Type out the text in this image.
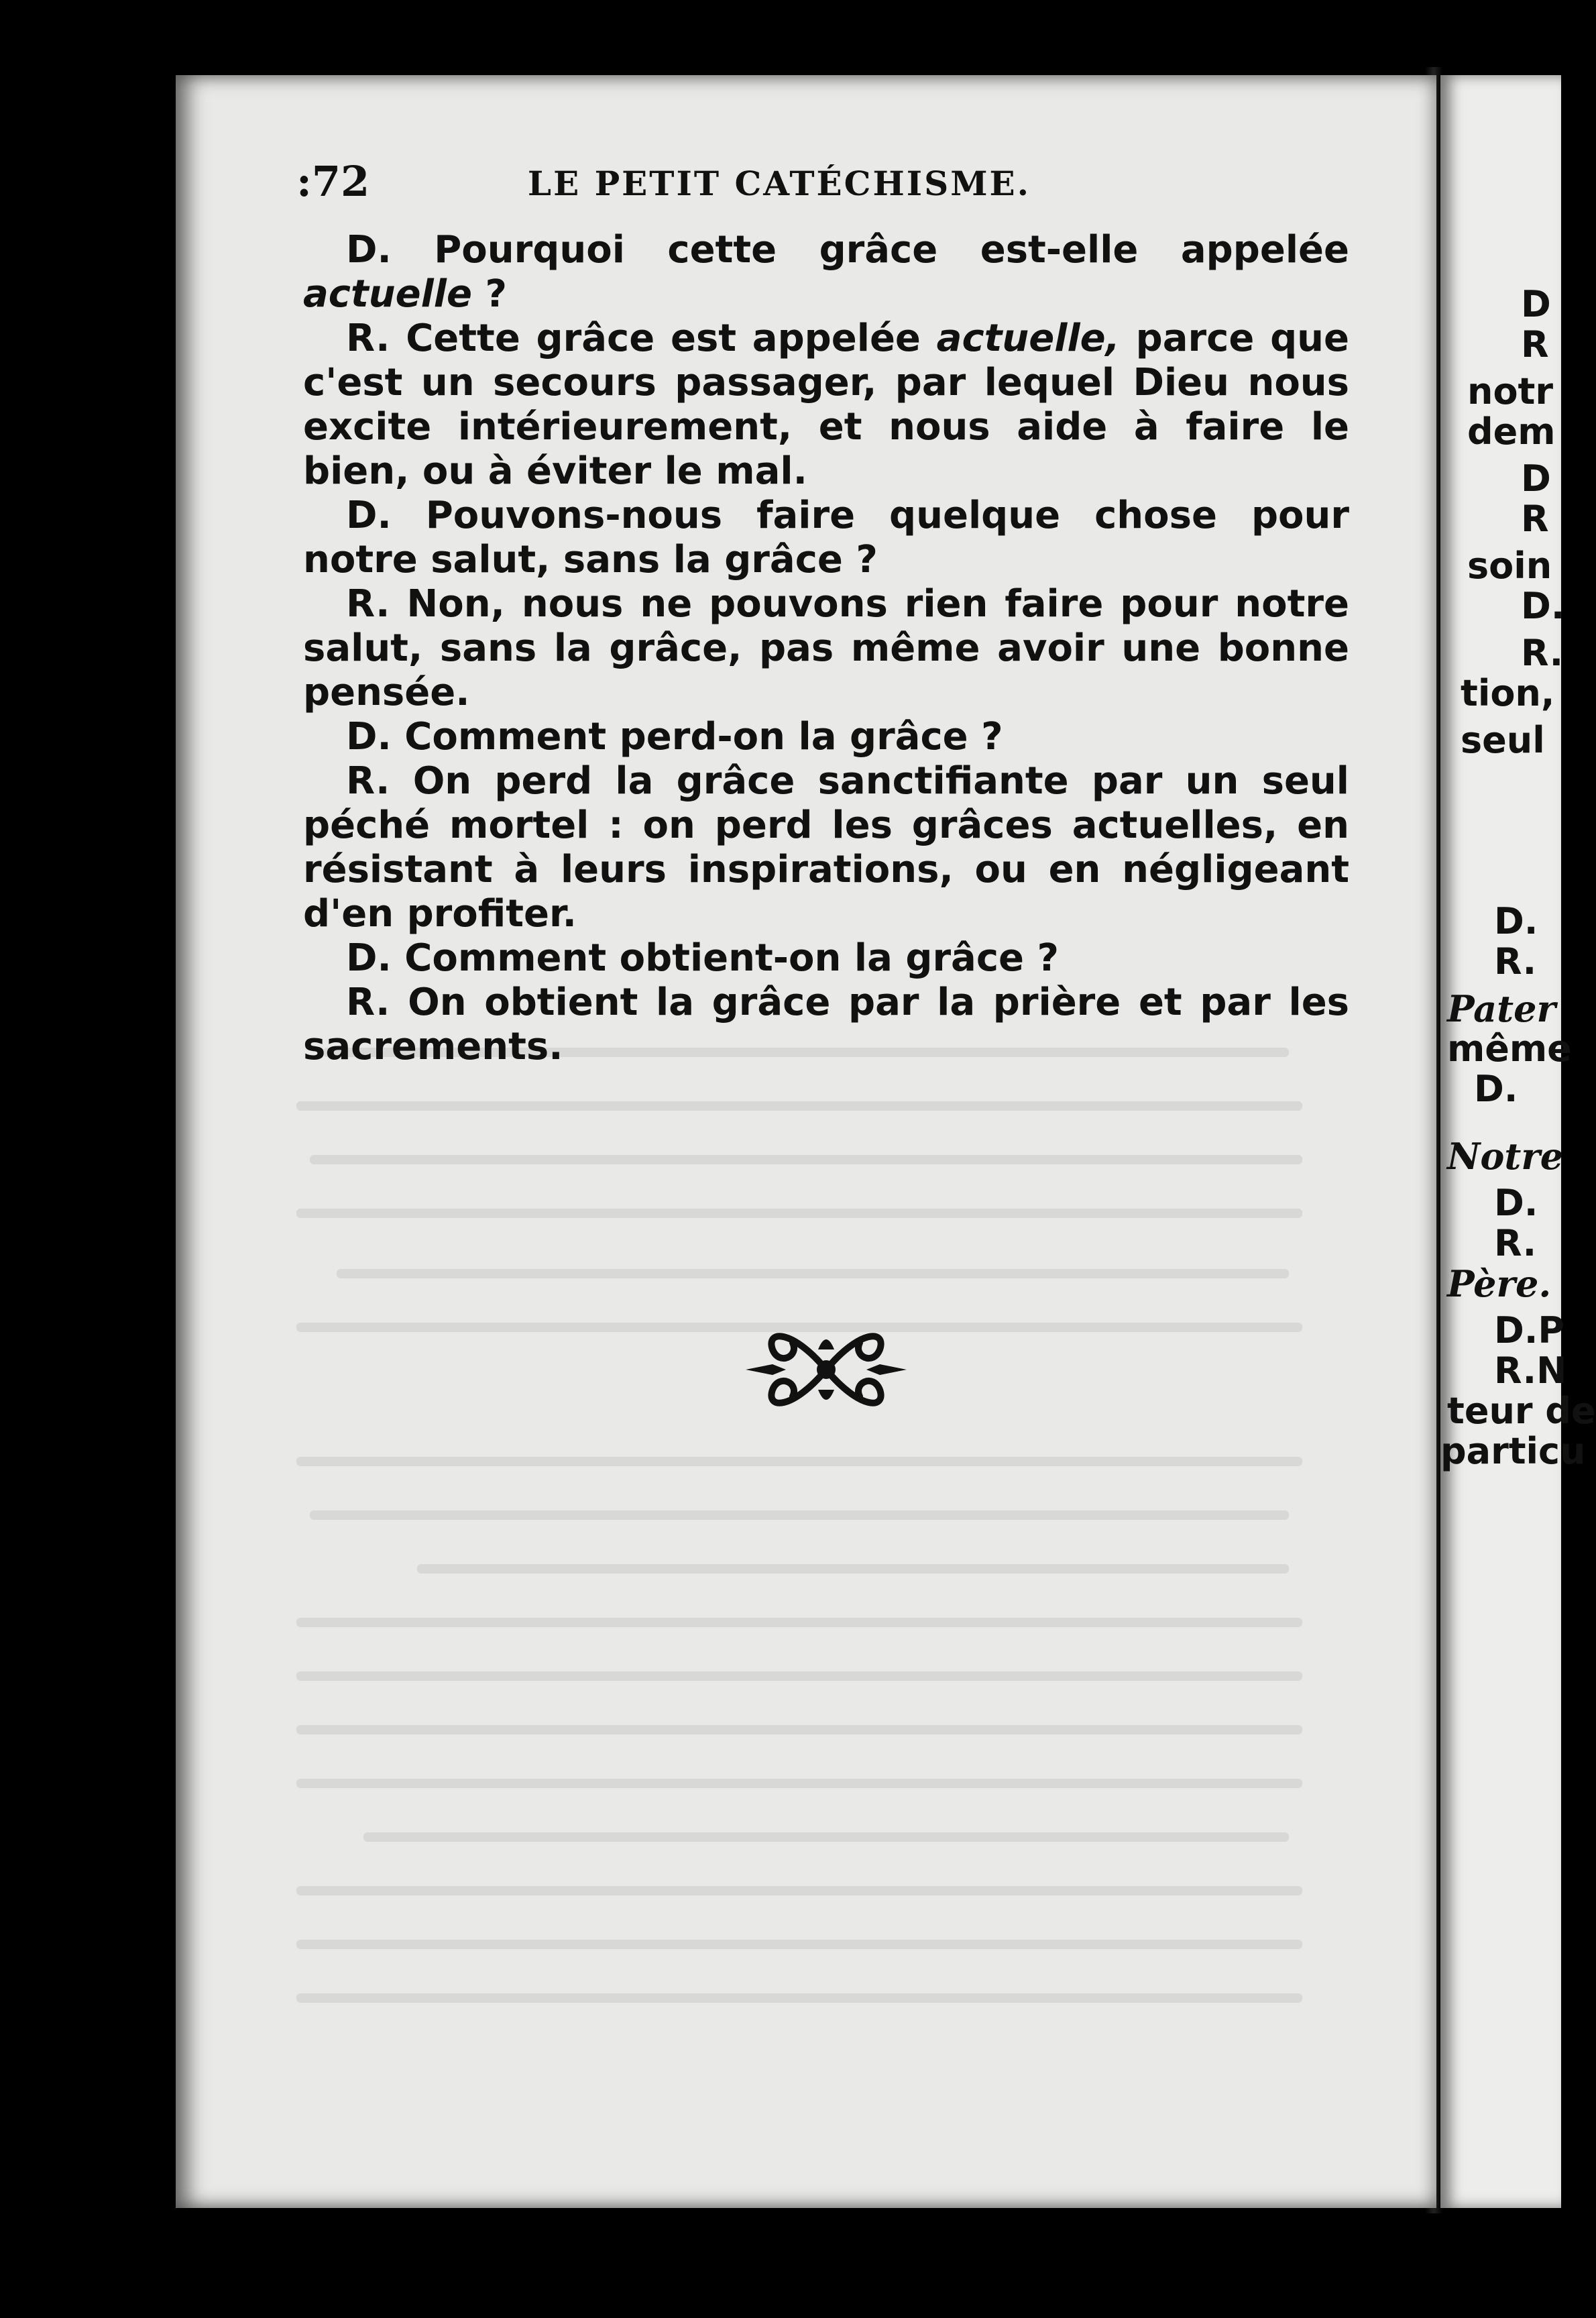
:72	LE PETIT CATÉCHISME.

D. Pourquoi cette grâce est-elle appelée actuelle ?

R. Cette grâce est appelée actuelle, parce que c'est un secours passager, par lequel Dieu nous excite intérieurement, et nous aide à faire le bien, ou à éviter le mal.

D. Pouvons-nous faire quelque chose pour notre salut, sans la grâce ?

R. Non, nous ne pouvons rien faire pour notre salut, sans la grâce, pas même avoir une bonne pensée.

D. Comment perd-on la grâce ?

R. On perd la grâce sanctifiante par un seul péché mortel : on perd les grâces actuelles, en résistant à leurs inspirations, ou en négligeant d'en profiter.

D. Comment obtient-on la grâce ?

R. On obtient la grâce par la prière et par les sacrements.

D
R
notr
dem
D
R
soin
D.
R.
tion,
seul
D.
R.
Pater
même
D.
Notre
D.
R.
Père.
D.P
R.N
teur de
particu
